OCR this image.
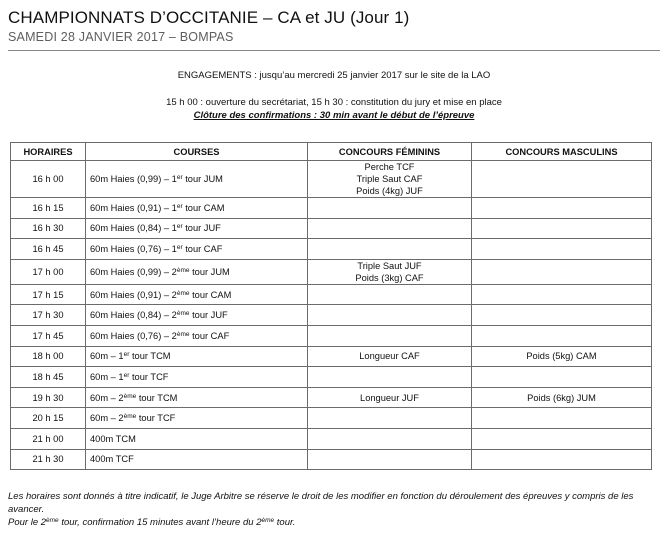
CHAMPIONNATS D’OCCITANIE – CA et JU (Jour 1)
SAMEDI 28 JANVIER 2017 – BOMPAS
ENGAGEMENTS : jusqu’au mercredi 25 janvier 2017 sur le site de la LAO
15 h 00 : ouverture du secrétariat, 15 h 30 : constitution du jury et mise en place
Clôture des confirmations : 30 min avant le début de l’épreuve
HORAIRES	COURSES	CONCOURS FÉMININS	CONCOURS MASCULINS
16 h 00	60m Haies (0,99) – 1er tour JUM	Perche TCF
Triple Saut CAF
Poids (4kg) JUF	

16 h 15	60m Haies (0,91) – 1er tour CAM		
16 h 30	60m Haies (0,84) – 1er tour JUF		
16 h 45	60m Haies (0,76) – 1er tour CAF		
17 h 00	60m Haies (0,99) – 2ème tour JUM	Triple Saut JUF
Poids (3kg) CAF	

17 h 15	60m Haies (0,91) – 2ème tour CAM		
17 h 30	60m Haies (0,84) – 2ème tour JUF		
17 h 45	60m Haies (0,76) – 2ème tour CAF		
18 h 00	60m – 1er tour TCM	Longueur CAF	Poids (5kg) CAM

18 h 45	60m – 1er tour TCF		
19 h 30	60m – 2ème tour TCM	Longueur JUF	Poids (6kg) JUM

20 h 15	60m – 2ème tour TCF		
21 h 00	400m TCM		
21 h 30	400m TCF		
Les horaires sont donnés à titre indicatif, le Juge Arbitre se réserve le droit de les modifier en fonction du déroulement des épreuves y compris de les avancer.
Pour le 2ème tour, confirmation 15 minutes avant l’heure du 2ème tour.
